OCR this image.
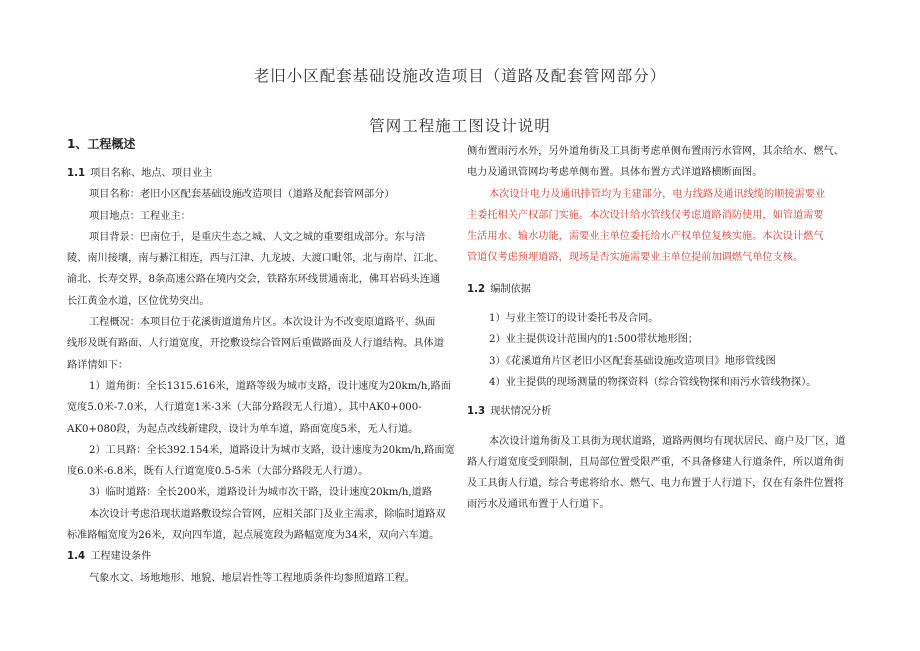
老旧小区配套基础设施改造项目（道路及配套管网部分）
管网工程施工图设计说明

1、工程概述

1.1 项目名称、地点、项目业主

项目名称：老旧小区配套基础设施改造项目（道路及配套管网部分）

项目地点：工程业主：

项目背景：巴南位于，是重庆生态之城、人文之城的重要组成部分。东与涪

陵、南川接壤，南与綦江相连，西与江津、九龙坡、大渡口毗邻，北与南岸、江北、

渝北、长寿交界，8条高速公路在境内交会，铁路东环线贯通南北，佛耳岩码头连通

长江黄金水道，区位优势突出。

工程概况：本项目位于花溪街道道角片区。本次设计为不改变原道路平、纵面

线形及既有路面、人行道宽度，开挖敷设综合管网后重做路面及人行道结构。具体道

路详情如下：

1）道角街：全长1315.616米，道路等级为城市支路，设计速度为20km/h,路面

宽度5.0米-7.0米，人行道宽1米-3米（大部分路段无人行道），其中AK0+000-

AK0+080段，为起点改线新建段，设计为单车道，路面宽度5米，无人行道。

2）工具路：全长392.154米，道路设计为城市支路，设计速度为20km/h,路面宽

度6.0米-6.8米，既有人行道宽度0.5-5米（大部分路段无人行道）。

3）临时道路：全长200米，道路设计为城市次干路，设计速度20km/h,道路

本次设计考虑沿现状道路敷设综合管网，应相关部门及业主需求，除临时道路双

标准路幅宽度为26米，双向四车道，起点展宽段为路幅宽度为34米，双向六车道。

1.4 工程建设条件

气象水文、场地地形、地貌、地层岩性等工程地质条件均参照道路工程。

侧布置雨污水外，另外道角街及工具街考虑单侧布置雨污水管网，其余给水、燃气、

电力及通讯管网均考虑单侧布置。具体布置方式详道路横断面图。

本次设计电力及通讯排管均为主建部分，电力线路及通讯线缆的顺接需要业

主委托相关产权部门实施。本次设计给水管线仅考虑道路消防使用，如管道需要

生活用水、输水功能，需要业主单位委托给水产权单位复核实施。本次设计燃气

管道仅考虑预埋道路，现场是否实施需要业主单位提前加调燃气单位支核。

1.2 编制依据

1）与业主签订的设计委托书及合同。

2）业主提供设计范围内的1:500带状地形图；

3）《花溪道角片区老旧小区配套基础设施改造项目》地形管线图

4）业主提供的现场测量的物探资料（综合管线物探和雨污水管线物探）。

1.3 现状情况分析

本次设计道角街及工具街为现状道路，道路两侧均有现状居民、商户及厂区，道

路人行道宽度受到限制，且局部位置受限严重，不具备修建人行道条件，所以道角街

及工具街人行道，综合考虑将给水、燃气、电力布置于人行道下，仅在有条件位置将

雨污水及通讯布置于人行道下。
